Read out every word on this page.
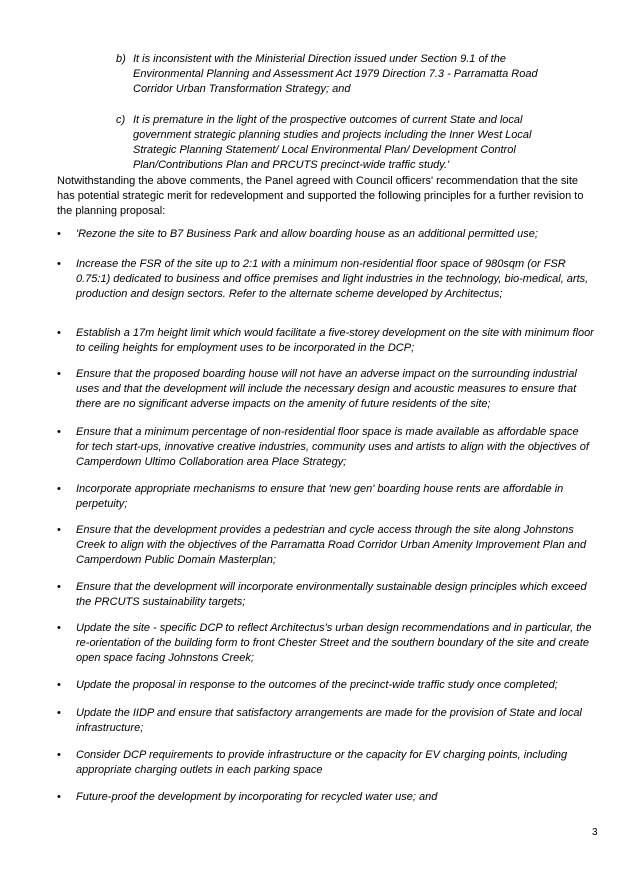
b) It is inconsistent with the Ministerial Direction issued under Section 9.1 of the Environmental Planning and Assessment Act 1979 Direction 7.3 - Parramatta Road Corridor Urban Transformation Strategy; and
c) It is premature in the light of the prospective outcomes of current State and local government strategic planning studies and projects including the Inner West Local Strategic Planning Statement/ Local Environmental Plan/ Development Control Plan/Contributions Plan and PRCUTS precinct-wide traffic study.'
Notwithstanding the above comments, the Panel agreed with Council officers' recommendation that the site has potential strategic merit for redevelopment and supported the following principles for a further revision to the planning proposal:
• 'Rezone the site to B7 Business Park and allow boarding house as an additional permitted use;
• Increase the FSR of the site up to 2:1 with a minimum non-residential floor space of 980sqm (or FSR 0.75:1) dedicated to business and office premises and light industries in the technology, bio-medical, arts, production and design sectors. Refer to the alternate scheme developed by Architectus;
• Establish a 17m height limit which would facilitate a five-storey development on the site with minimum floor to ceiling heights for employment uses to be incorporated in the DCP;
• Ensure that the proposed boarding house will not have an adverse impact on the surrounding industrial uses and that the development will include the necessary design and acoustic measures to ensure that there are no significant adverse impacts on the amenity of future residents of the site;
• Ensure that a minimum percentage of non-residential floor space is made available as affordable space for tech start-ups, innovative creative industries, community uses and artists to align with the objectives of Camperdown Ultimo Collaboration area Place Strategy;
• Incorporate appropriate mechanisms to ensure that 'new gen' boarding house rents are affordable in perpetuity;
• Ensure that the development provides a pedestrian and cycle access through the site along Johnstons Creek to align with the objectives of the Parramatta Road Corridor Urban Amenity Improvement Plan and Camperdown Public Domain Masterplan;
• Ensure that the development will incorporate environmentally sustainable design principles which exceed the PRCUTS sustainability targets;
• Update the site - specific DCP to reflect Architectus's urban design recommendations and in particular, the re-orientation of the building form to front Chester Street and the southern boundary of the site and create open space facing Johnstons Creek;
• Update the proposal in response to the outcomes of the precinct-wide traffic study once completed;
• Update the IIDP and ensure that satisfactory arrangements are made for the provision of State and local infrastructure;
• Consider DCP requirements to provide infrastructure or the capacity for EV charging points, including appropriate charging outlets in each parking space
• Future-proof the development by incorporating for recycled water use; and
3
